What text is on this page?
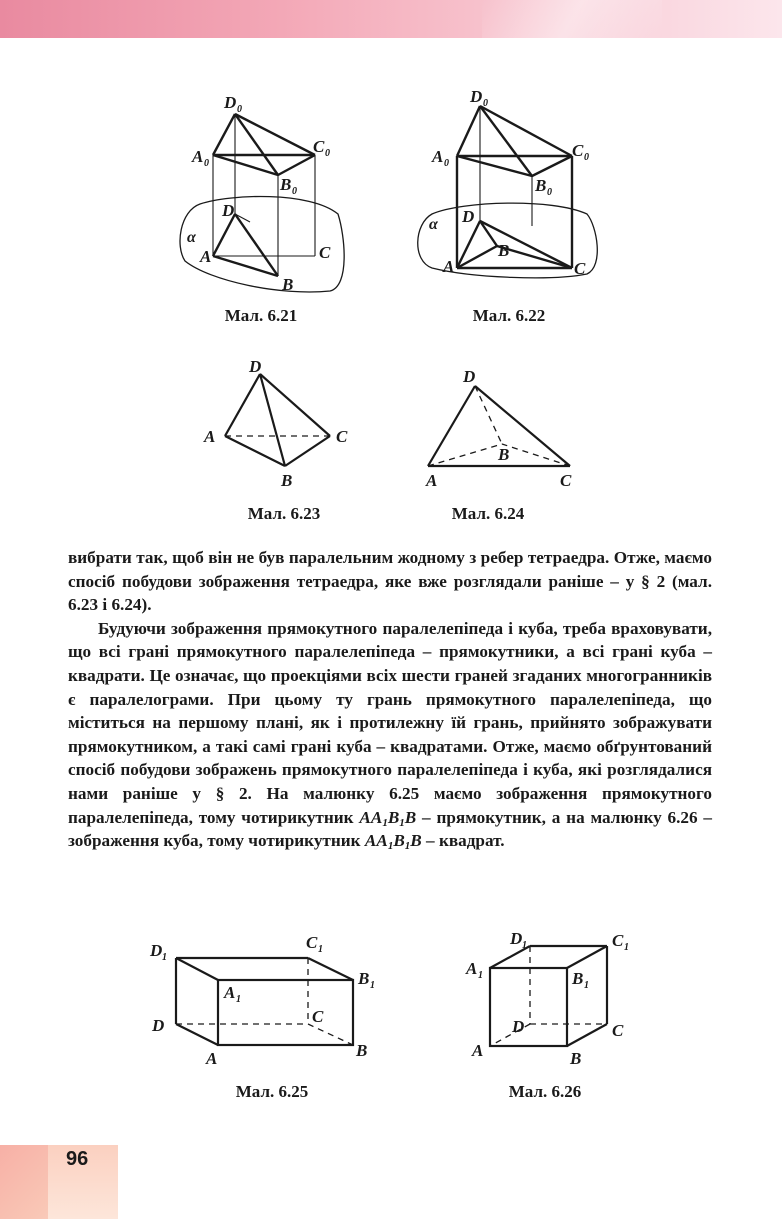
D 0
A 0
C 0
B 0
D
α
A	C
B
Мал. 6.21
D 0
A 0
C 0
B 0
D
α
A
B
C
Мал. 6.22
D
A	C
B
Мал. 6.23
D
B
A	C
Мал. 6.24

вибрати так, щоб він не був паралельним жодному з ребер тетраедра. Отже, маємо спосіб побудови зображення тетраедра, яке вже розглядали раніше – у § 2 (мал. 6.23 і 6.24).

Будуючи зображення прямокутного паралелепіпеда і куба, треба враховувати, що всі грані прямокутного паралелепіпеда – прямокутники, а всі грані куба – квадрати. Це означає, що проекціями всіх шести граней згаданих многогранників є паралелограми. При цьому ту грань прямокутного паралелепіпеда, що міститься на першому плані, як і протилежну їй грань, прийнято зображувати прямокутником, а такі самі грані куба – квадратами. Отже, маємо обґрунтований спосіб побудови зображень прямокутного паралелепіпеда і куба, які розглядалися нами раніше у § 2. На малюнку 6.25 маємо зображення прямокутного паралелепіпеда, тому чотирикутник $AA_1B_1B$ – прямокутник, а на малюнку 6.26 – зображення куба, тому чотирикутник $AA_1B_1B$ – квадрат.

D 1
C 1
B 1
A 1
D	C
A	B
Мал. 6.25
D 1	C 1
A 1	B 1
D	C
A	B
Мал. 6.26
96
